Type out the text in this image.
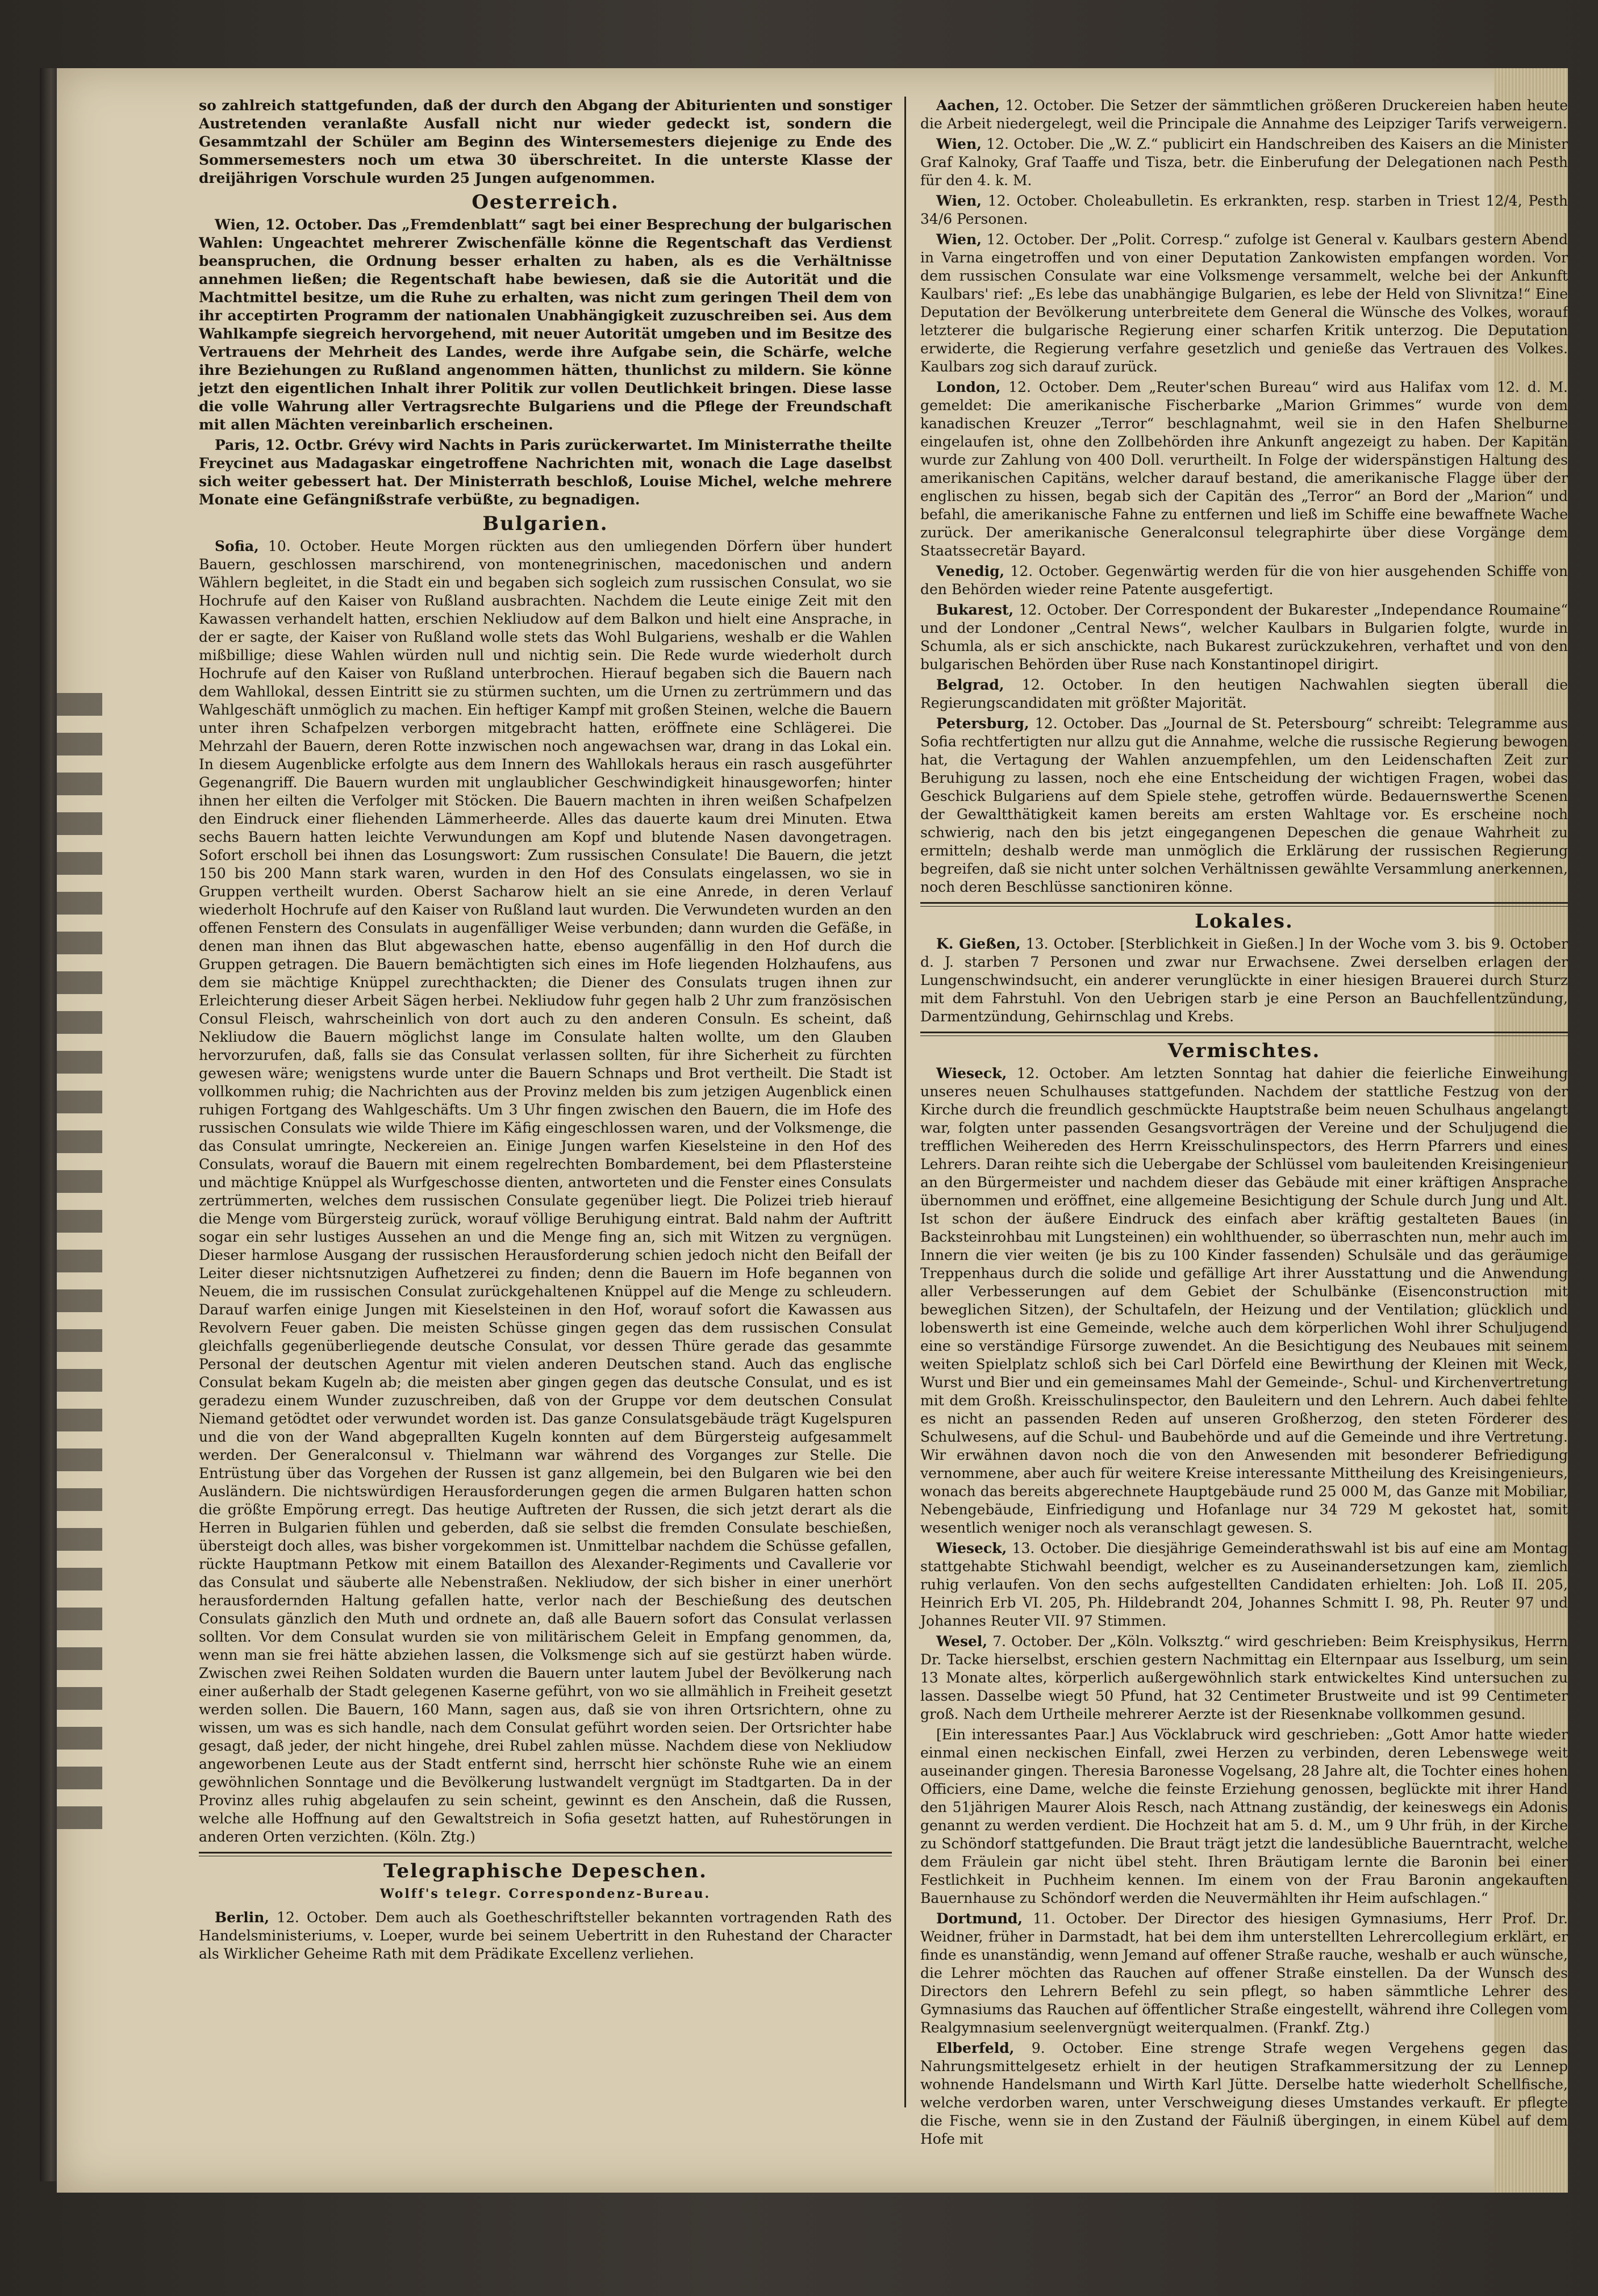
so zahlreich stattgefunden, daß der durch den Abgang der Abiturienten und sonstiger Austretenden veranlaßte Ausfall nicht nur wieder gedeckt ist, sondern die Gesammtzahl der Schüler am Beginn des Wintersemesters diejenige zu Ende des Sommersemesters noch um etwa 30 überschreitet. In die unterste Klasse der dreijährigen Vorschule wurden 25 Jungen aufgenommen.

Oesterreich.

Wien, 12. October. Das „Fremdenblatt“ sagt bei einer Besprechung der bulgarischen Wahlen: Ungeachtet mehrerer Zwischenfälle könne die Regentschaft das Verdienst beanspruchen, die Ordnung besser erhalten zu haben, als es die Verhältnisse annehmen ließen; die Regentschaft habe bewiesen, daß sie die Autorität und die Machtmittel besitze, um die Ruhe zu erhalten, was nicht zum geringen Theil dem von ihr acceptirten Programm der nationalen Unabhängigkeit zuzuschreiben sei. Aus dem Wahlkampfe siegreich hervorgehend, mit neuer Autorität umgeben und im Besitze des Vertrauens der Mehrheit des Landes, werde ihre Aufgabe sein, die Schärfe, welche ihre Beziehungen zu Rußland angenommen hätten, thunlichst zu mildern. Sie könne jetzt den eigentlichen Inhalt ihrer Politik zur vollen Deutlichkeit bringen. Diese lasse die volle Wahrung aller Vertragsrechte Bulgariens und die Pflege der Freundschaft mit allen Mächten vereinbarlich erscheinen.

Paris, 12. Octbr. Grévy wird Nachts in Paris zurückerwartet. Im Ministerrathe theilte Freycinet aus Madagaskar eingetroffene Nachrichten mit, wonach die Lage daselbst sich weiter gebessert hat. Der Ministerrath beschloß, Louise Michel, welche mehrere Monate eine Gefängnißstrafe verbüßte, zu begnadigen.

Bulgarien.

Sofia, 10. October. Heute Morgen rückten aus den umliegenden Dörfern über hundert Bauern, geschlossen marschirend, von montenegrinischen, macedonischen und andern Wählern begleitet, in die Stadt ein und begaben sich sogleich zum russischen Consulat, wo sie Hochrufe auf den Kaiser von Rußland ausbrachten. Nachdem die Leute einige Zeit mit den Kawassen verhandelt hatten, erschien Nekliudow auf dem Balkon und hielt eine Ansprache, in der er sagte, der Kaiser von Rußland wolle stets das Wohl Bulgariens, weshalb er die Wahlen mißbillige; diese Wahlen würden null und nichtig sein. Die Rede wurde wiederholt durch Hochrufe auf den Kaiser von Rußland unterbrochen. Hierauf begaben sich die Bauern nach dem Wahllokal, dessen Eintritt sie zu stürmen suchten, um die Urnen zu zertrümmern und das Wahlgeschäft unmöglich zu machen. Ein heftiger Kampf mit großen Steinen, welche die Bauern unter ihren Schafpelzen verborgen mitgebracht hatten, eröffnete eine Schlägerei. Die Mehrzahl der Bauern, deren Rotte inzwischen noch angewachsen war, drang in das Lokal ein. In diesem Augenblicke erfolgte aus dem Innern des Wahllokals heraus ein rasch ausgeführter Gegenangriff. Die Bauern wurden mit unglaublicher Geschwindigkeit hinausgeworfen; hinter ihnen her eilten die Verfolger mit Stöcken. Die Bauern machten in ihren weißen Schafpelzen den Eindruck einer fliehenden Lämmerheerde. Alles das dauerte kaum drei Minuten. Etwa sechs Bauern hatten leichte Verwundungen am Kopf und blutende Nasen davongetragen. Sofort erscholl bei ihnen das Losungswort: Zum russischen Consulate! Die Bauern, die jetzt 150 bis 200 Mann stark waren, wurden in den Hof des Consulats eingelassen, wo sie in Gruppen vertheilt wurden. Oberst Sacharow hielt an sie eine Anrede, in deren Verlauf wiederholt Hochrufe auf den Kaiser von Rußland laut wurden. Die Verwundeten wurden an den offenen Fenstern des Consulats in augenfälliger Weise verbunden; dann wurden die Gefäße, in denen man ihnen das Blut abgewaschen hatte, ebenso augenfällig in den Hof durch die Gruppen getragen. Die Bauern bemächtigten sich eines im Hofe liegenden Holzhaufens, aus dem sie mächtige Knüppel zurechthackten; die Diener des Consulats trugen ihnen zur Erleichterung dieser Arbeit Sägen herbei. Nekliudow fuhr gegen halb 2 Uhr zum französischen Consul Fleisch, wahrscheinlich von dort auch zu den anderen Consuln. Es scheint, daß Nekliudow die Bauern möglichst lange im Consulate halten wollte, um den Glauben hervorzurufen, daß, falls sie das Consulat verlassen sollten, für ihre Sicherheit zu fürchten gewesen wäre; wenigstens wurde unter die Bauern Schnaps und Brot vertheilt. Die Stadt ist vollkommen ruhig; die Nachrichten aus der Provinz melden bis zum jetzigen Augenblick einen ruhigen Fortgang des Wahlgeschäfts. Um 3 Uhr fingen zwischen den Bauern, die im Hofe des russischen Consulats wie wilde Thiere im Käfig eingeschlossen waren, und der Volksmenge, die das Consulat umringte, Neckereien an. Einige Jungen warfen Kieselsteine in den Hof des Consulats, worauf die Bauern mit einem regelrechten Bombardement, bei dem Pflastersteine und mächtige Knüppel als Wurfgeschosse dienten, antworteten und die Fenster eines Consulats zertrümmerten, welches dem russischen Consulate gegenüber liegt. Die Polizei trieb hierauf die Menge vom Bürgersteig zurück, worauf völlige Beruhigung eintrat. Bald nahm der Auftritt sogar ein sehr lustiges Aussehen an und die Menge fing an, sich mit Witzen zu vergnügen. Dieser harmlose Ausgang der russischen Herausforderung schien jedoch nicht den Beifall der Leiter dieser nichtsnutzigen Aufhetzerei zu finden; denn die Bauern im Hofe begannen von Neuem, die im russischen Consulat zurückgehaltenen Knüppel auf die Menge zu schleudern. Darauf warfen einige Jungen mit Kieselsteinen in den Hof, worauf sofort die Kawassen aus Revolvern Feuer gaben. Die meisten Schüsse gingen gegen das dem russischen Consulat gleichfalls gegenüberliegende deutsche Consulat, vor dessen Thüre gerade das gesammte Personal der deutschen Agentur mit vielen anderen Deutschen stand. Auch das englische Consulat bekam Kugeln ab; die meisten aber gingen gegen das deutsche Consulat, und es ist geradezu einem Wunder zuzuschreiben, daß von der Gruppe vor dem deutschen Consulat Niemand getödtet oder verwundet worden ist. Das ganze Consulatsgebäude trägt Kugelspuren und die von der Wand abgeprallten Kugeln konnten auf dem Bürgersteig aufgesammelt werden. Der Generalconsul v. Thielmann war während des Vorganges zur Stelle. Die Entrüstung über das Vorgehen der Russen ist ganz allgemein, bei den Bulgaren wie bei den Ausländern. Die nichtswürdigen Herausforderungen gegen die armen Bulgaren hatten schon die größte Empörung erregt. Das heutige Auftreten der Russen, die sich jetzt derart als die Herren in Bulgarien fühlen und geberden, daß sie selbst die fremden Consulate beschießen, übersteigt doch alles, was bisher vorgekommen ist. Unmittelbar nachdem die Schüsse gefallen, rückte Hauptmann Petkow mit einem Bataillon des Alexander-Regiments und Cavallerie vor das Consulat und säuberte alle Nebenstraßen. Nekliudow, der sich bisher in einer unerhört herausfordernden Haltung gefallen hatte, verlor nach der Beschießung des deutschen Consulats gänzlich den Muth und ordnete an, daß alle Bauern sofort das Consulat verlassen sollten. Vor dem Consulat wurden sie von militärischem Geleit in Empfang genommen, da, wenn man sie frei hätte abziehen lassen, die Volksmenge sich auf sie gestürzt haben würde. Zwischen zwei Reihen Soldaten wurden die Bauern unter lautem Jubel der Bevölkerung nach einer außerhalb der Stadt gelegenen Kaserne geführt, von wo sie allmählich in Freiheit gesetzt werden sollen. Die Bauern, 160 Mann, sagen aus, daß sie von ihren Ortsrichtern, ohne zu wissen, um was es sich handle, nach dem Consulat geführt worden seien. Der Ortsrichter habe gesagt, daß jeder, der nicht hingehe, drei Rubel zahlen müsse. Nachdem diese von Nekliudow angeworbenen Leute aus der Stadt entfernt sind, herrscht hier schönste Ruhe wie an einem gewöhnlichen Sonntage und die Bevölkerung lustwandelt vergnügt im Stadtgarten. Da in der Provinz alles ruhig abgelaufen zu sein scheint, gewinnt es den Anschein, daß die Russen, welche alle Hoffnung auf den Gewaltstreich in Sofia gesetzt hatten, auf Ruhestörungen in anderen Orten verzichten. (Köln. Ztg.)

Telegraphische Depeschen.
Wolff's telegr. Correspondenz-Bureau.

Berlin, 12. October. Dem auch als Goetheschriftsteller bekannten vortragenden Rath des Handelsministeriums, v. Loeper, wurde bei seinem Uebertritt in den Ruhestand der Character als Wirklicher Geheime Rath mit dem Prädikate Excellenz verliehen.

Aachen, 12. October. Die Setzer der sämmtlichen größeren Druckereien haben heute die Arbeit niedergelegt, weil die Principale die Annahme des Leipziger Tarifs verweigern.

Wien, 12. October. Die „W. Z.“ publicirt ein Handschreiben des Kaisers an die Minister Graf Kalnoky, Graf Taaffe und Tisza, betr. die Einberufung der Delegationen nach Pesth für den 4. k. M.

Wien, 12. October. Choleabulletin. Es erkrankten, resp. starben in Triest 12/4, Pesth 34/6 Personen.

Wien, 12. October. Der „Polit. Corresp.“ zufolge ist General v. Kaulbars gestern Abend in Varna eingetroffen und von einer Deputation Zankowisten empfangen worden. Vor dem russischen Consulate war eine Volksmenge versammelt, welche bei der Ankunft Kaulbars' rief: „Es lebe das unabhängige Bulgarien, es lebe der Held von Slivnitza!“ Eine Deputation der Bevölkerung unterbreitete dem General die Wünsche des Volkes, worauf letzterer die bulgarische Regierung einer scharfen Kritik unterzog. Die Deputation erwiderte, die Regierung verfahre gesetzlich und genieße das Vertrauen des Volkes. Kaulbars zog sich darauf zurück.

London, 12. October. Dem „Reuter'schen Bureau“ wird aus Halifax vom 12. d. M. gemeldet: Die amerikanische Fischerbarke „Marion Grimmes“ wurde von dem kanadischen Kreuzer „Terror“ beschlagnahmt, weil sie in den Hafen Shelburne eingelaufen ist, ohne den Zollbehörden ihre Ankunft angezeigt zu haben. Der Kapitän wurde zur Zahlung von 400 Doll. verurtheilt. In Folge der widerspänstigen Haltung des amerikanischen Capitäns, welcher darauf bestand, die amerikanische Flagge über der englischen zu hissen, begab sich der Capitän des „Terror“ an Bord der „Marion“ und befahl, die amerikanische Fahne zu entfernen und ließ im Schiffe eine bewaffnete Wache zurück. Der amerikanische Generalconsul telegraphirte über diese Vorgänge dem Staatssecretär Bayard.

Venedig, 12. October. Gegenwärtig werden für die von hier ausgehenden Schiffe von den Behörden wieder reine Patente ausgefertigt.

Bukarest, 12. October. Der Correspondent der Bukarester „Independance Roumaine“ und der Londoner „Central News“, welcher Kaulbars in Bulgarien folgte, wurde in Schumla, als er sich anschickte, nach Bukarest zurückzukehren, verhaftet und von den bulgarischen Behörden über Ruse nach Konstantinopel dirigirt.

Belgrad, 12. October. In den heutigen Nachwahlen siegten überall die Regierungscandidaten mit größter Majorität.

Petersburg, 12. October. Das „Journal de St. Petersbourg“ schreibt: Telegramme aus Sofia rechtfertigten nur allzu gut die Annahme, welche die russische Regierung bewogen hat, die Vertagung der Wahlen anzuempfehlen, um den Leidenschaften Zeit zur Beruhigung zu lassen, noch ehe eine Entscheidung der wichtigen Fragen, wobei das Geschick Bulgariens auf dem Spiele stehe, getroffen würde. Bedauernswerthe Scenen der Gewaltthätigkeit kamen bereits am ersten Wahltage vor. Es erscheine noch schwierig, nach den bis jetzt eingegangenen Depeschen die genaue Wahrheit zu ermitteln; deshalb werde man unmöglich die Erklärung der russischen Regierung begreifen, daß sie nicht unter solchen Verhältnissen gewählte Versammlung anerkennen, noch deren Beschlüsse sanctioniren könne.

Lokales.

K. Gießen, 13. October. [Sterblichkeit in Gießen.] In der Woche vom 3. bis 9. October d. J. starben 7 Personen und zwar nur Erwachsene. Zwei derselben erlagen der Lungenschwindsucht, ein anderer verunglückte in einer hiesigen Brauerei durch Sturz mit dem Fahrstuhl. Von den Uebrigen starb je eine Person an Bauchfellentzündung, Darmentzündung, Gehirnschlag und Krebs.

Vermischtes.

Wieseck, 12. October. Am letzten Sonntag hat dahier die feierliche Einweihung unseres neuen Schulhauses stattgefunden. Nachdem der stattliche Festzug von der Kirche durch die freundlich geschmückte Hauptstraße beim neuen Schulhaus angelangt war, folgten unter passenden Gesangsvorträgen der Vereine und der Schuljugend die trefflichen Weihereden des Herrn Kreisschulinspectors, des Herrn Pfarrers und eines Lehrers. Daran reihte sich die Uebergabe der Schlüssel vom bauleitenden Kreisingenieur an den Bürgermeister und nachdem dieser das Gebäude mit einer kräftigen Ansprache übernommen und eröffnet, eine allgemeine Besichtigung der Schule durch Jung und Alt. Ist schon der äußere Eindruck des einfach aber kräftig gestalteten Baues (in Backsteinrohbau mit Lungsteinen) ein wohlthuender, so überraschten nun, mehr auch im Innern die vier weiten (je bis zu 100 Kinder fassenden) Schulsäle und das geräumige Treppenhaus durch die solide und gefällige Art ihrer Ausstattung und die Anwendung aller Verbesserungen auf dem Gebiet der Schulbänke (Eisenconstruction mit beweglichen Sitzen), der Schultafeln, der Heizung und der Ventilation; glücklich und lobenswerth ist eine Gemeinde, welche auch dem körperlichen Wohl ihrer Schuljugend eine so verständige Fürsorge zuwendet. An die Besichtigung des Neubaues mit seinem weiten Spielplatz schloß sich bei Carl Dörfeld eine Bewirthung der Kleinen mit Weck, Wurst und Bier und ein gemeinsames Mahl der Gemeinde-, Schul- und Kirchenvertretung mit dem Großh. Kreisschulinspector, den Bauleitern und den Lehrern. Auch dabei fehlte es nicht an passenden Reden auf unseren Großherzog, den steten Förderer des Schulwesens, auf die Schul- und Baubehörde und auf die Gemeinde und ihre Vertretung. Wir erwähnen davon noch die von den Anwesenden mit besonderer Befriedigung vernommene, aber auch für weitere Kreise interessante Mittheilung des Kreisingenieurs, wonach das bereits abgerechnete Hauptgebäude rund 25 000 M, das Ganze mit Mobiliar, Nebengebäude, Einfriedigung und Hofanlage nur 34 729 M gekostet hat, somit wesentlich weniger noch als veranschlagt gewesen. S.

Wieseck, 13. October. Die diesjährige Gemeinderathswahl ist bis auf eine am Montag stattgehabte Stichwahl beendigt, welcher es zu Auseinandersetzungen kam, ziemlich ruhig verlaufen. Von den sechs aufgestellten Candidaten erhielten: Joh. Loß II. 205, Heinrich Erb VI. 205, Ph. Hildebrandt 204, Johannes Schmitt I. 98, Ph. Reuter 97 und Johannes Reuter VII. 97 Stimmen.

Wesel, 7. October. Der „Köln. Volksztg.“ wird geschrieben: Beim Kreisphysikus, Herrn Dr. Tacke hierselbst, erschien gestern Nachmittag ein Elternpaar aus Isselburg, um sein 13 Monate altes, körperlich außergewöhnlich stark entwickeltes Kind untersuchen zu lassen. Dasselbe wiegt 50 Pfund, hat 32 Centimeter Brustweite und ist 99 Centimeter groß. Nach dem Urtheile mehrerer Aerzte ist der Riesenknabe vollkommen gesund.

[Ein interessantes Paar.] Aus Vöcklabruck wird geschrieben: „Gott Amor hatte wieder einmal einen neckischen Einfall, zwei Herzen zu verbinden, deren Lebenswege weit auseinander gingen. Theresia Baronesse Vogelsang, 28 Jahre alt, die Tochter eines hohen Officiers, eine Dame, welche die feinste Erziehung genossen, beglückte mit ihrer Hand den 51jährigen Maurer Alois Resch, nach Attnang zuständig, der keineswegs ein Adonis genannt zu werden verdient. Die Hochzeit hat am 5. d. M., um 9 Uhr früh, in der Kirche zu Schöndorf stattgefunden. Die Braut trägt jetzt die landesübliche Bauerntracht, welche dem Fräulein gar nicht übel steht. Ihren Bräutigam lernte die Baronin bei einer Festlichkeit in Puchheim kennen. Im einem von der Frau Baronin angekauften Bauernhause zu Schöndorf werden die Neuvermählten ihr Heim aufschlagen.“

Dortmund, 11. October. Der Director des hiesigen Gymnasiums, Herr Prof. Dr. Weidner, früher in Darmstadt, hat bei dem ihm unterstellten Lehrercollegium erklärt, er finde es unanständig, wenn Jemand auf offener Straße rauche, weshalb er auch wünsche, die Lehrer möchten das Rauchen auf offener Straße einstellen. Da der Wunsch des Directors den Lehrern Befehl zu sein pflegt, so haben sämmtliche Lehrer des Gymnasiums das Rauchen auf öffentlicher Straße eingestellt, während ihre Collegen vom Realgymnasium seelenvergnügt weiterqualmen. (Frankf. Ztg.)

Elberfeld, 9. October. Eine strenge Strafe wegen Vergehens gegen das Nahrungsmittelgesetz erhielt in der heutigen Strafkammersitzung der zu Lennep wohnende Handelsmann und Wirth Karl Jütte. Derselbe hatte wiederholt Schellfische, welche verdorben waren, unter Verschweigung dieses Umstandes verkauft. Er pflegte die Fische, wenn sie in den Zustand der Fäulniß übergingen, in einem Kübel auf dem Hofe mit
